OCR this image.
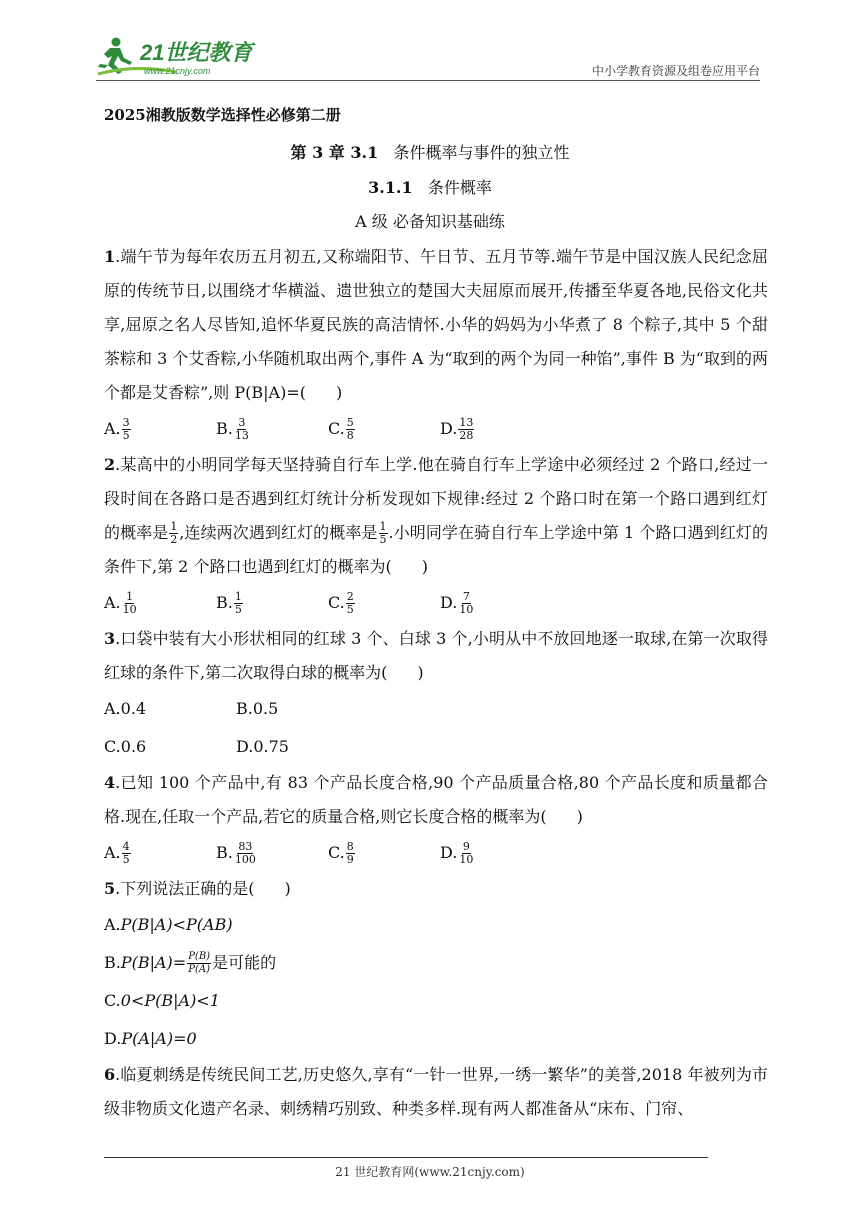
21世纪教育
www.21cnjy.com	中小学教育资源及组卷应用平台
2025湘教版数学选择性必修第二册
第 3 章 3.1 条件概率与事件的独立性
3.1.1 条件概率
A 级 必备知识基础练

1.端午节为每年农历五月初五,又称端阳节、午日节、五月节等.端午节是中国汉族人民纪念屈原的传统节日,以围绕才华横溢、遗世独立的楚国大夫屈原而展开,传播至华夏各地,民俗文化共享,屈原之名人尽皆知,追怀华夏民族的高洁情怀.小华的妈妈为小华煮了 8 个粽子,其中 5 个甜茶粽和 3 个艾香粽,小华随机取出两个,事件 A 为“取到的两个为同一种馅”,事件 B 为“取到的两个都是艾香粽”,则 P(B|A)=( )

A. $\frac{3}{5}$	B. $\frac{3}{13}$	C. $\frac{5}{8}$	D. $\frac{13}{28}$

2.某高中的小明同学每天坚持骑自行车上学.他在骑自行车上学途中必须经过 2 个路口,经过一段时间在各路口是否遇到红灯统计分析发现如下规律:经过 2 个路口时在第一个路口遇到红灯的概率是 $\frac{1}{2}$ ,连续两次遇到红灯的概率是 $\frac{1}{5}$ .小明同学在骑自行车上学途中第 1 个路口遇到红灯的条件下,第 2 个路口也遇到红灯的概率为( )

A. $\frac{1}{10}$	B. $\frac{1}{5}$	C. $\frac{2}{5}$	D. $\frac{7}{10}$

3.口袋中装有大小形状相同的红球 3 个、白球 3 个,小明从中不放回地逐一取球,在第一次取得红球的条件下,第二次取得白球的概率为( )

A. 0.4	B. 0.5
C. 0.6	D. 0.75

4.已知 100 个产品中,有 83 个产品长度合格,90 个产品质量合格,80 个产品长度和质量都合格.现在,任取一个产品,若它的质量合格,则它长度合格的概率为( )

A. $\frac{4}{5}$	B. $\frac{83}{100}$	C. $\frac{8}{9}$	D. $\frac{9}{10}$

5.下列说法正确的是( )

A. P(B|A)<P(AB)
B. $P(B|A)= \frac{P(B)}{P(A)}$ 是可能的
C. 0<P(B|A)<1
D. P(A|A)=0

6.临夏刺绣是传统民间工艺,历史悠久,享有“一针一世界,一绣一繁华”的美誉,2018 年被列为市级非物质文化遗产名录、刺绣精巧别致、种类多样.现有两人都准备从“床布、门帘、

21 世纪教育网(www.21cnjy.com)
